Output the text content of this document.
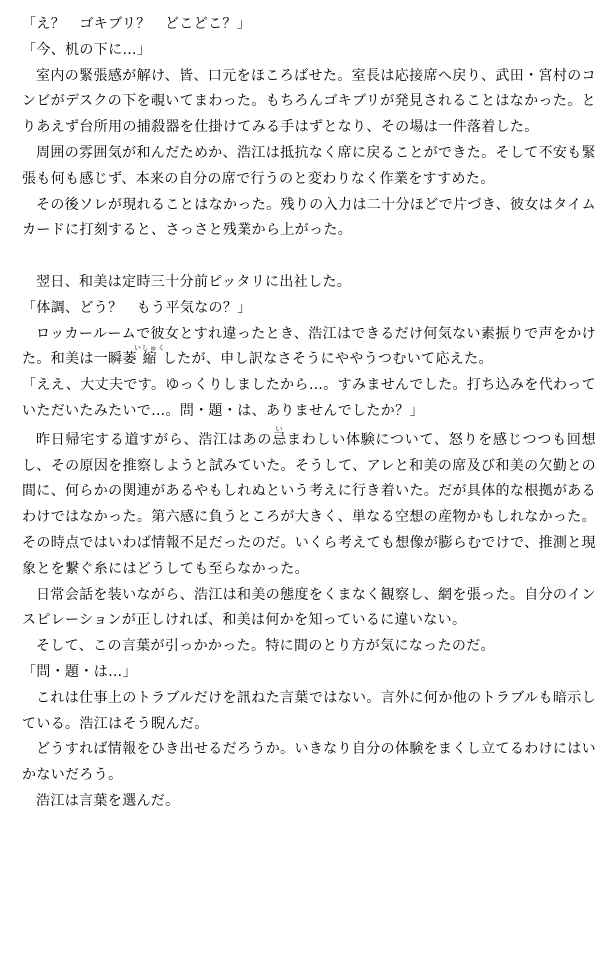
「え？　ゴキブリ？　どこどこ？」

「今、机の下に…」

室内の緊張感が解け、皆、口元をほころばせた。室長は応接席へ戻り、武田・宮村のコンビがデスクの下を覗いてまわった。もちろんゴキブリが発見されることはなかった。とりあえず台所用の捕殺器を仕掛けてみる手はずとなり、その場は一件落着した。

周囲の雰囲気が和んだためか、浩江は抵抗なく席に戻ることができた。そして不安も緊張も何も感じず、本来の自分の席で行うのと変わりなく作業をすすめた。

その後ソレが現れることはなかった。残りの入力は二十分ほどで片づき、彼女はタイムカードに打刻すると、さっさと残業から上がった。

翌日、和美は定時三十分前ピッタリに出社した。

「体調、どう？　もう平気なの？」

ロッカールームで彼女とすれ違ったとき、浩江はできるだけ何気ない素振りで声をかけた。和美は一瞬萎縮いしゅくしたが、申し訳なさそうにややうつむいて応えた。

「ええ、大丈夫です。ゆっくりしましたから…。すみませんでした。打ち込みを代わっていただいたみたいで…。問・題・は、ありませんでしたか？」

昨日帰宅する道すがら、浩江はあの忌いまわしい体験について、怒りを感じつつも回想し、その原因を推察しようと試みていた。そうして、アレと和美の席及び和美の欠勤との間に、何らかの関連があるやもしれぬという考えに行き着いた。だが具体的な根拠があるわけではなかった。第六感に負うところが大きく、単なる空想の産物かもしれなかった。その時点ではいわば情報不足だったのだ。いくら考えても想像が膨らむでけで、推測と現象とを繋ぐ糸にはどうしても至らなかった。

日常会話を装いながら、浩江は和美の態度をくまなく観察し、網を張った。自分のインスピレーションが正しければ、和美は何かを知っているに違いない。

そして、この言葉が引っかかった。特に間のとり方が気になったのだ。

「問・題・は…」

これは仕事上のトラブルだけを訊ねた言葉ではない。言外に何か他のトラブルも暗示している。浩江はそう睨んだ。

どうすれば情報をひき出せるだろうか。いきなり自分の体験をまくし立てるわけにはいかないだろう。

浩江は言葉を選んだ。
